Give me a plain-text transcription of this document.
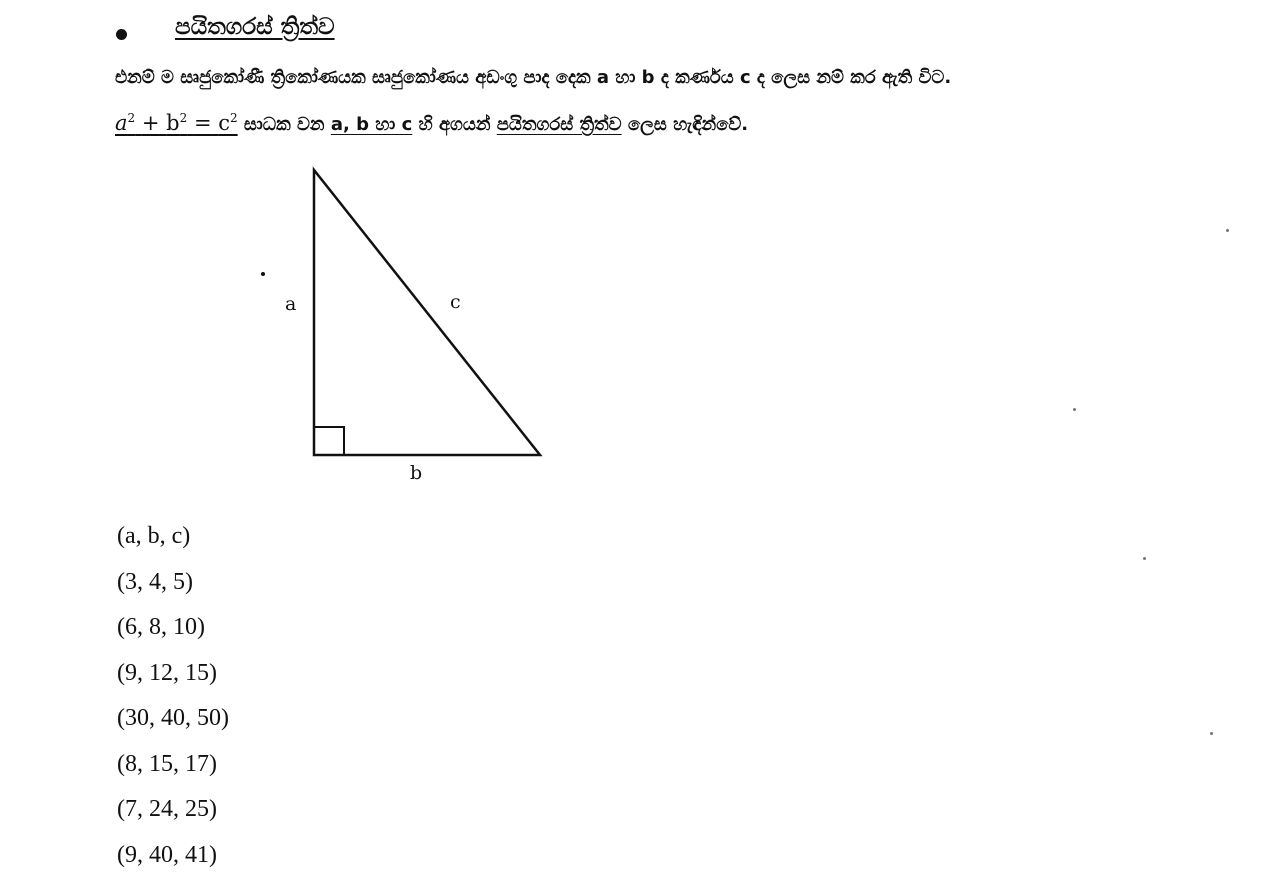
පයිතගරස් ත්‍රිත්ව
එනම් ම සෘජුකෝණී ත්‍රිකෝණයක සෘජුකෝණය අඩංගු පාද දෙක a හා b ද කර්ණය c ද ලෙස නම් කර ඇති විට.
$a^2 + b^2 = c^2$ සාධක වන a, b හා c හි අගයන් පයිතගරස් ත්‍රිත්ව ලෙස හැඳින්වේ.
a	c
b
(a, b, c)
(3, 4, 5)
(6, 8, 10)
(9, 12, 15)
(30, 40, 50)
(8, 15, 17)
(7, 24, 25)
(9, 40, 41)
